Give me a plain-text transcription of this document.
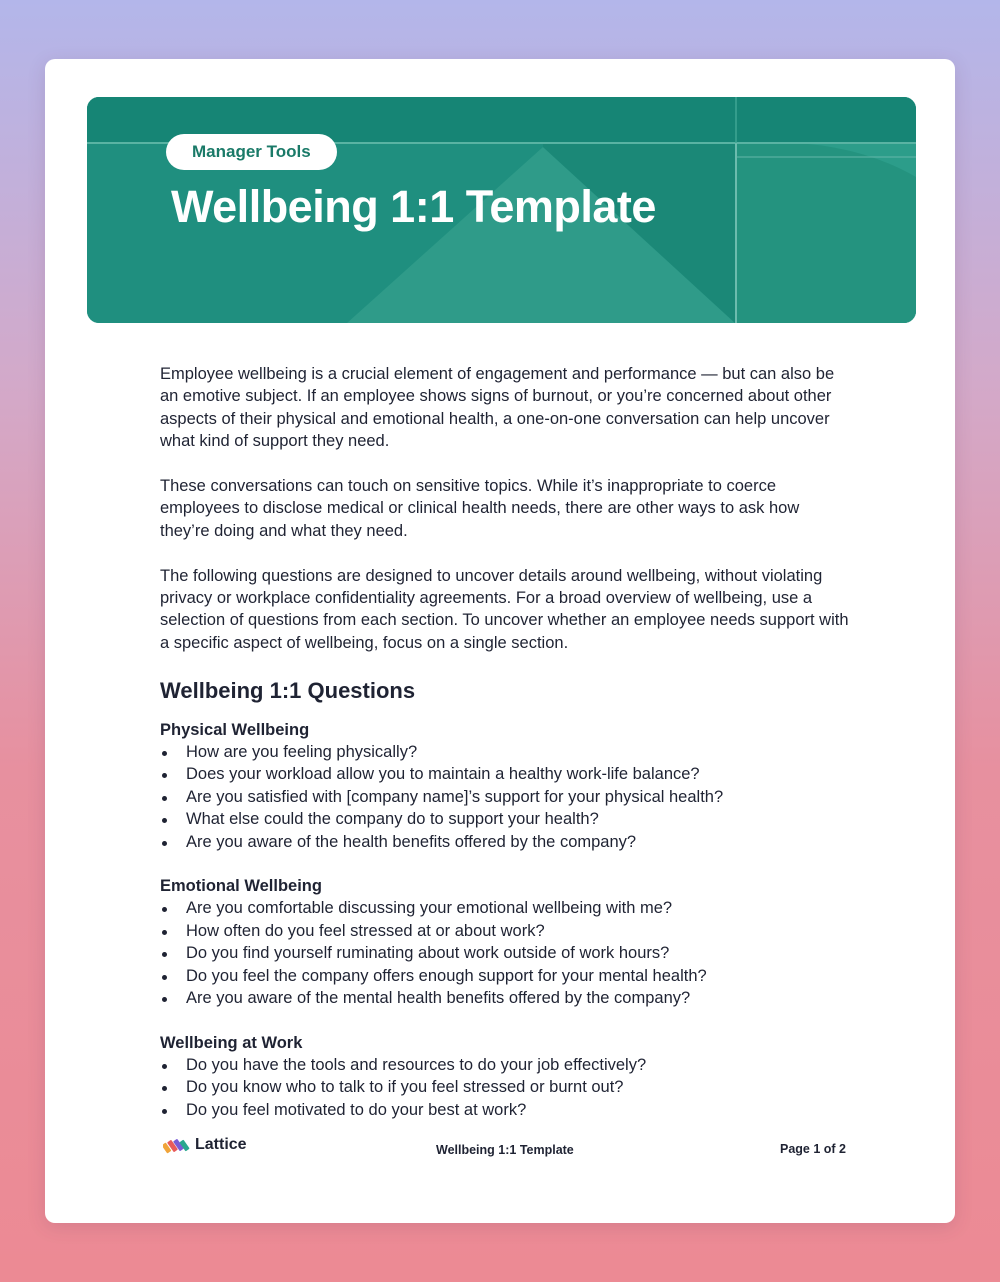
Manager Tools
Wellbeing 1:1 Template

Employee wellbeing is a crucial element of engagement and performance — but can also be an emotive subject. If an employee shows signs of burnout, or you’re concerned about other aspects of their physical and emotional health, a one-on-one conversation can help uncover what kind of support they need.

These conversations can touch on sensitive topics. While it’s inappropriate to coerce employees to disclose medical or clinical health needs, there are other ways to ask how they’re doing and what they need.

The following questions are designed to uncover details around wellbeing, without violating privacy or workplace confidentiality agreements. For a broad overview of wellbeing, use a selection of questions from each section. To uncover whether an employee needs support with a specific aspect of wellbeing, focus on a single section.

Wellbeing 1:1 Questions
Physical Wellbeing
How are you feeling physically?
Does your workload allow you to maintain a healthy work-life balance?
Are you satisfied with [company name]’s support for your physical health?
What else could the company do to support your health?
Are you aware of the health benefits offered by the company?
Emotional Wellbeing
Are you comfortable discussing your emotional wellbeing with me?
How often do you feel stressed at or about work?
Do you find yourself ruminating about work outside of work hours?
Do you feel the company offers enough support for your mental health?
Are you aware of the mental health benefits offered by the company?
Wellbeing at Work
Do you have the tools and resources to do your job effectively?
Do you know who to talk to if you feel stressed or burnt out?
Do you feel motivated to do your best at work?
Lattice	Wellbeing 1:1 Template	Page 1 of 2
